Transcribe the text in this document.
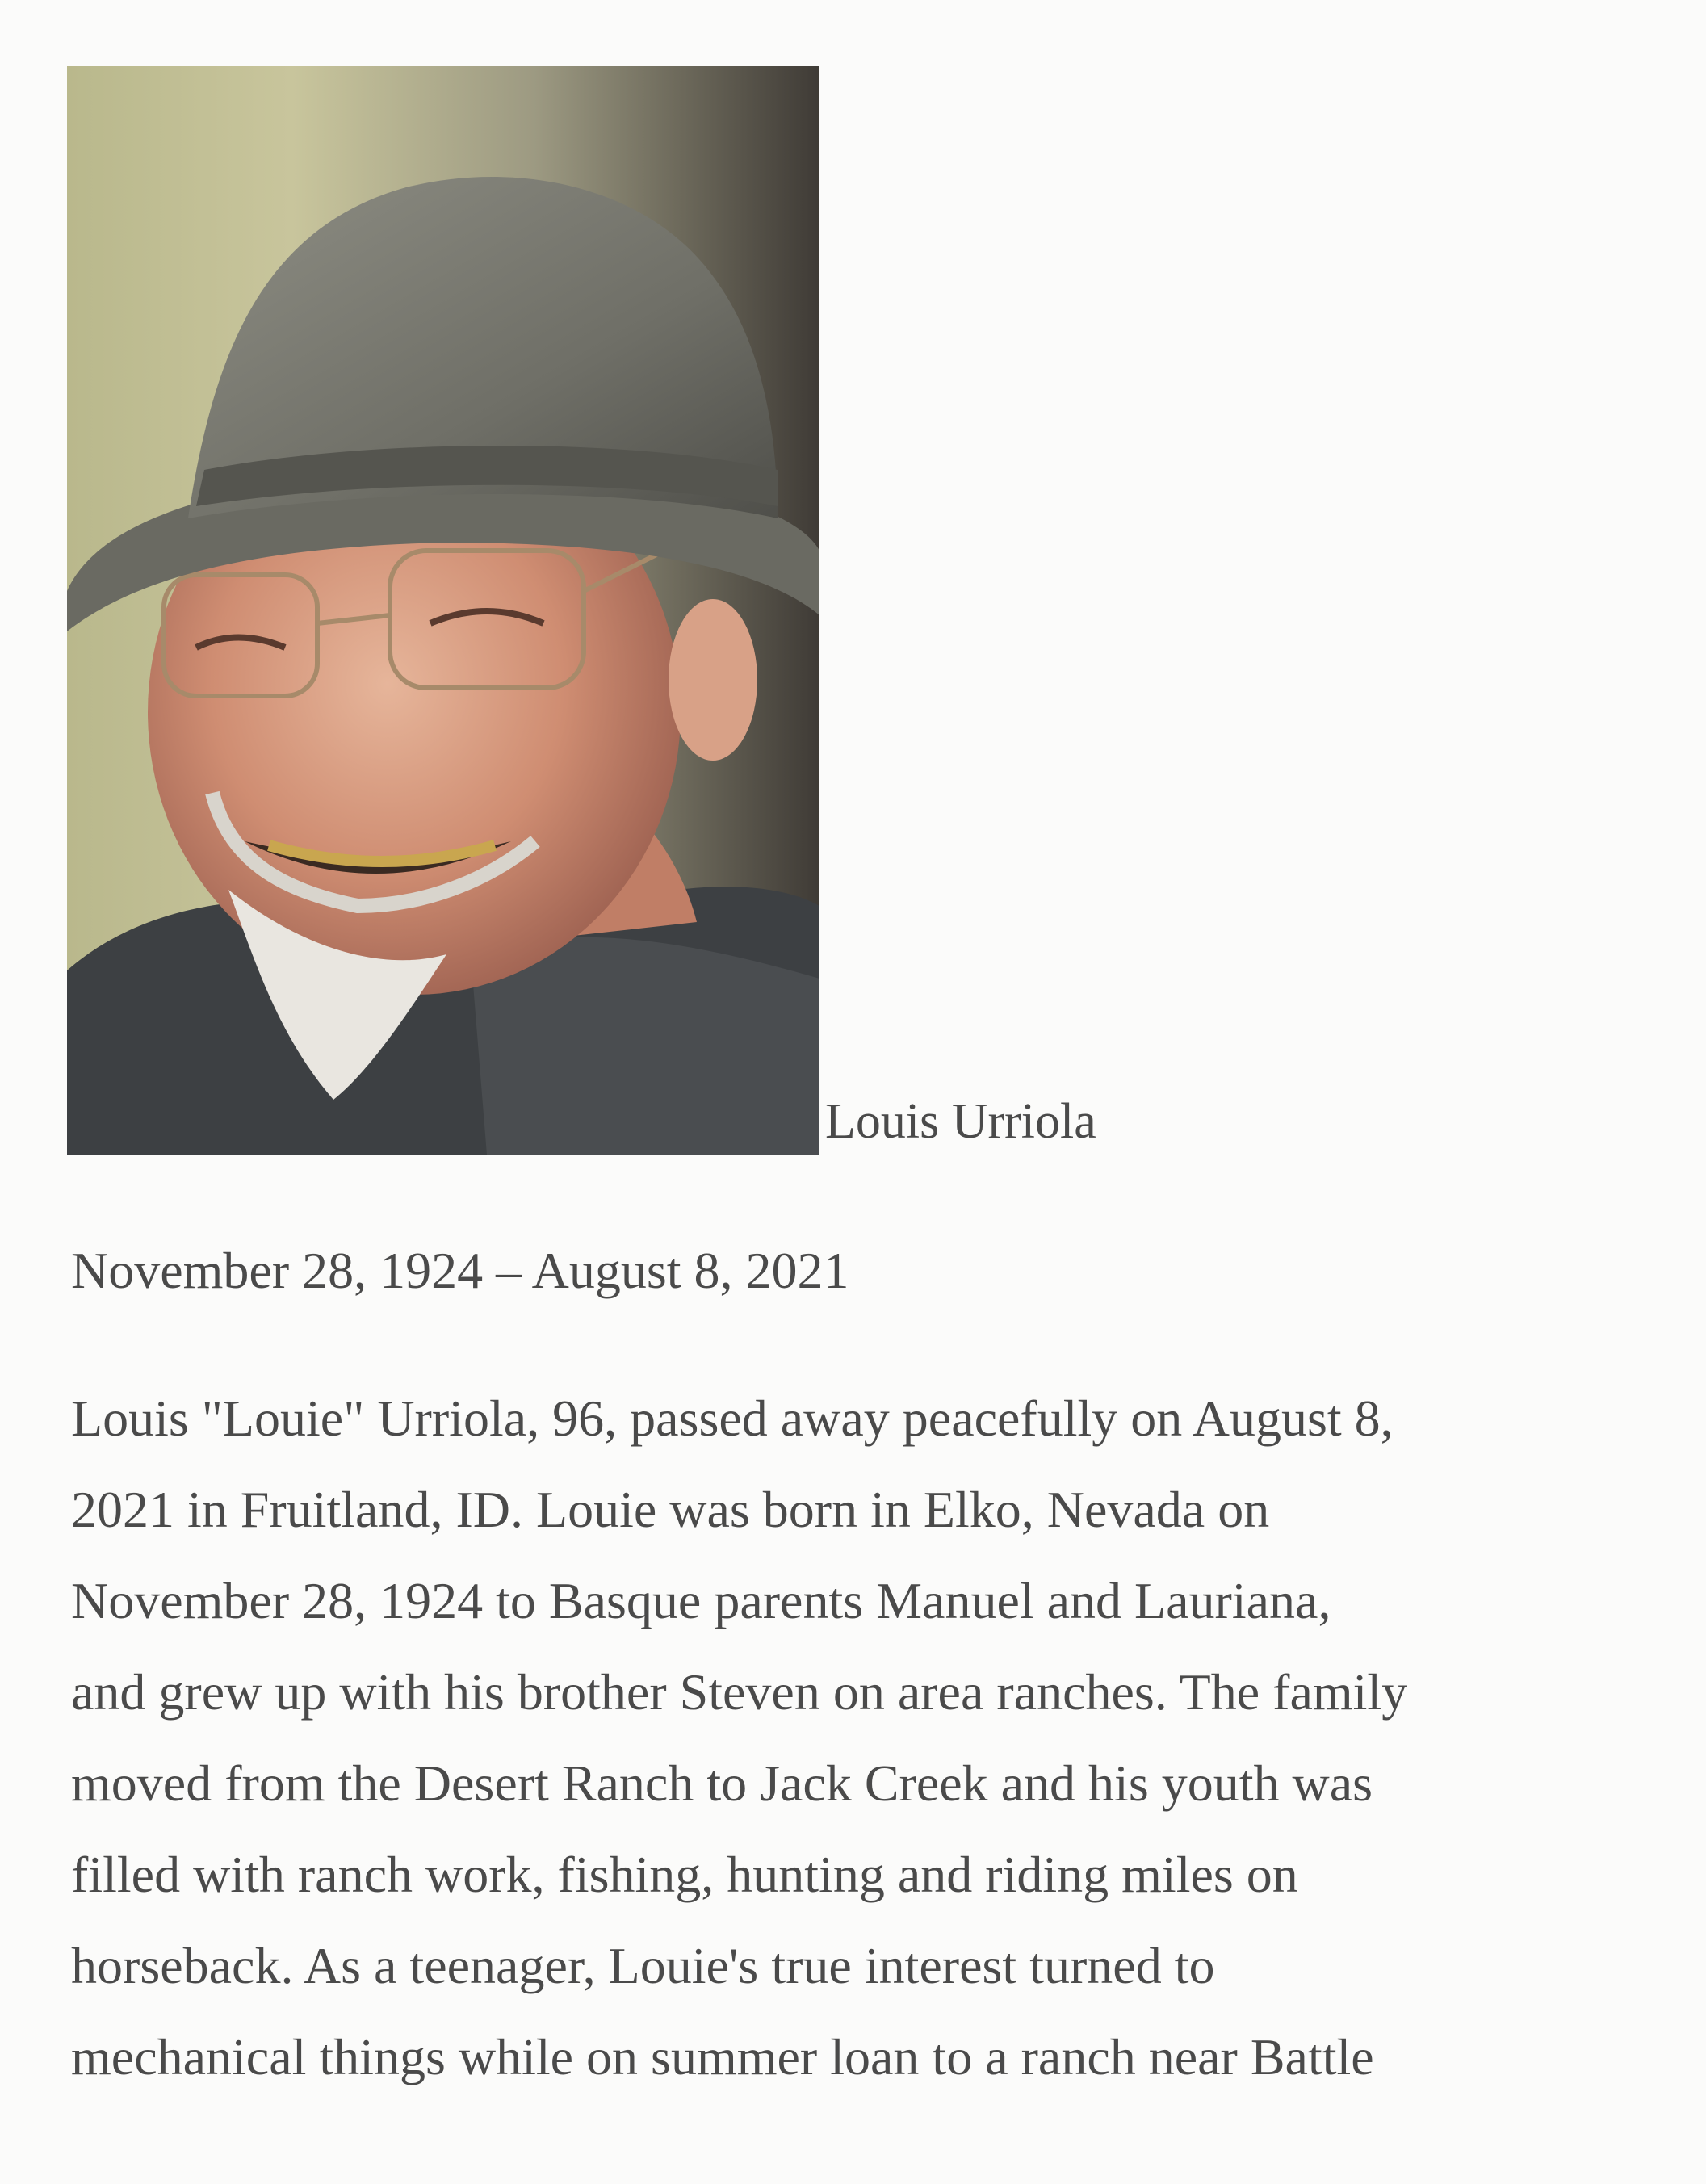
Louis Urriola
November 28, 1924 – August 8, 2021
Louis "Louie" Urriola, 96, passed away peacefully on August 8,
2021 in Fruitland, ID. Louie was born in Elko, Nevada on
November 28, 1924 to Basque parents Manuel and Lauriana,
and grew up with his brother Steven on area ranches. The family
moved from the Desert Ranch to Jack Creek and his youth was
filled with ranch work, fishing, hunting and riding miles on
horseback. As a teenager, Louie's true interest turned to
mechanical things while on summer loan to a ranch near Battle
